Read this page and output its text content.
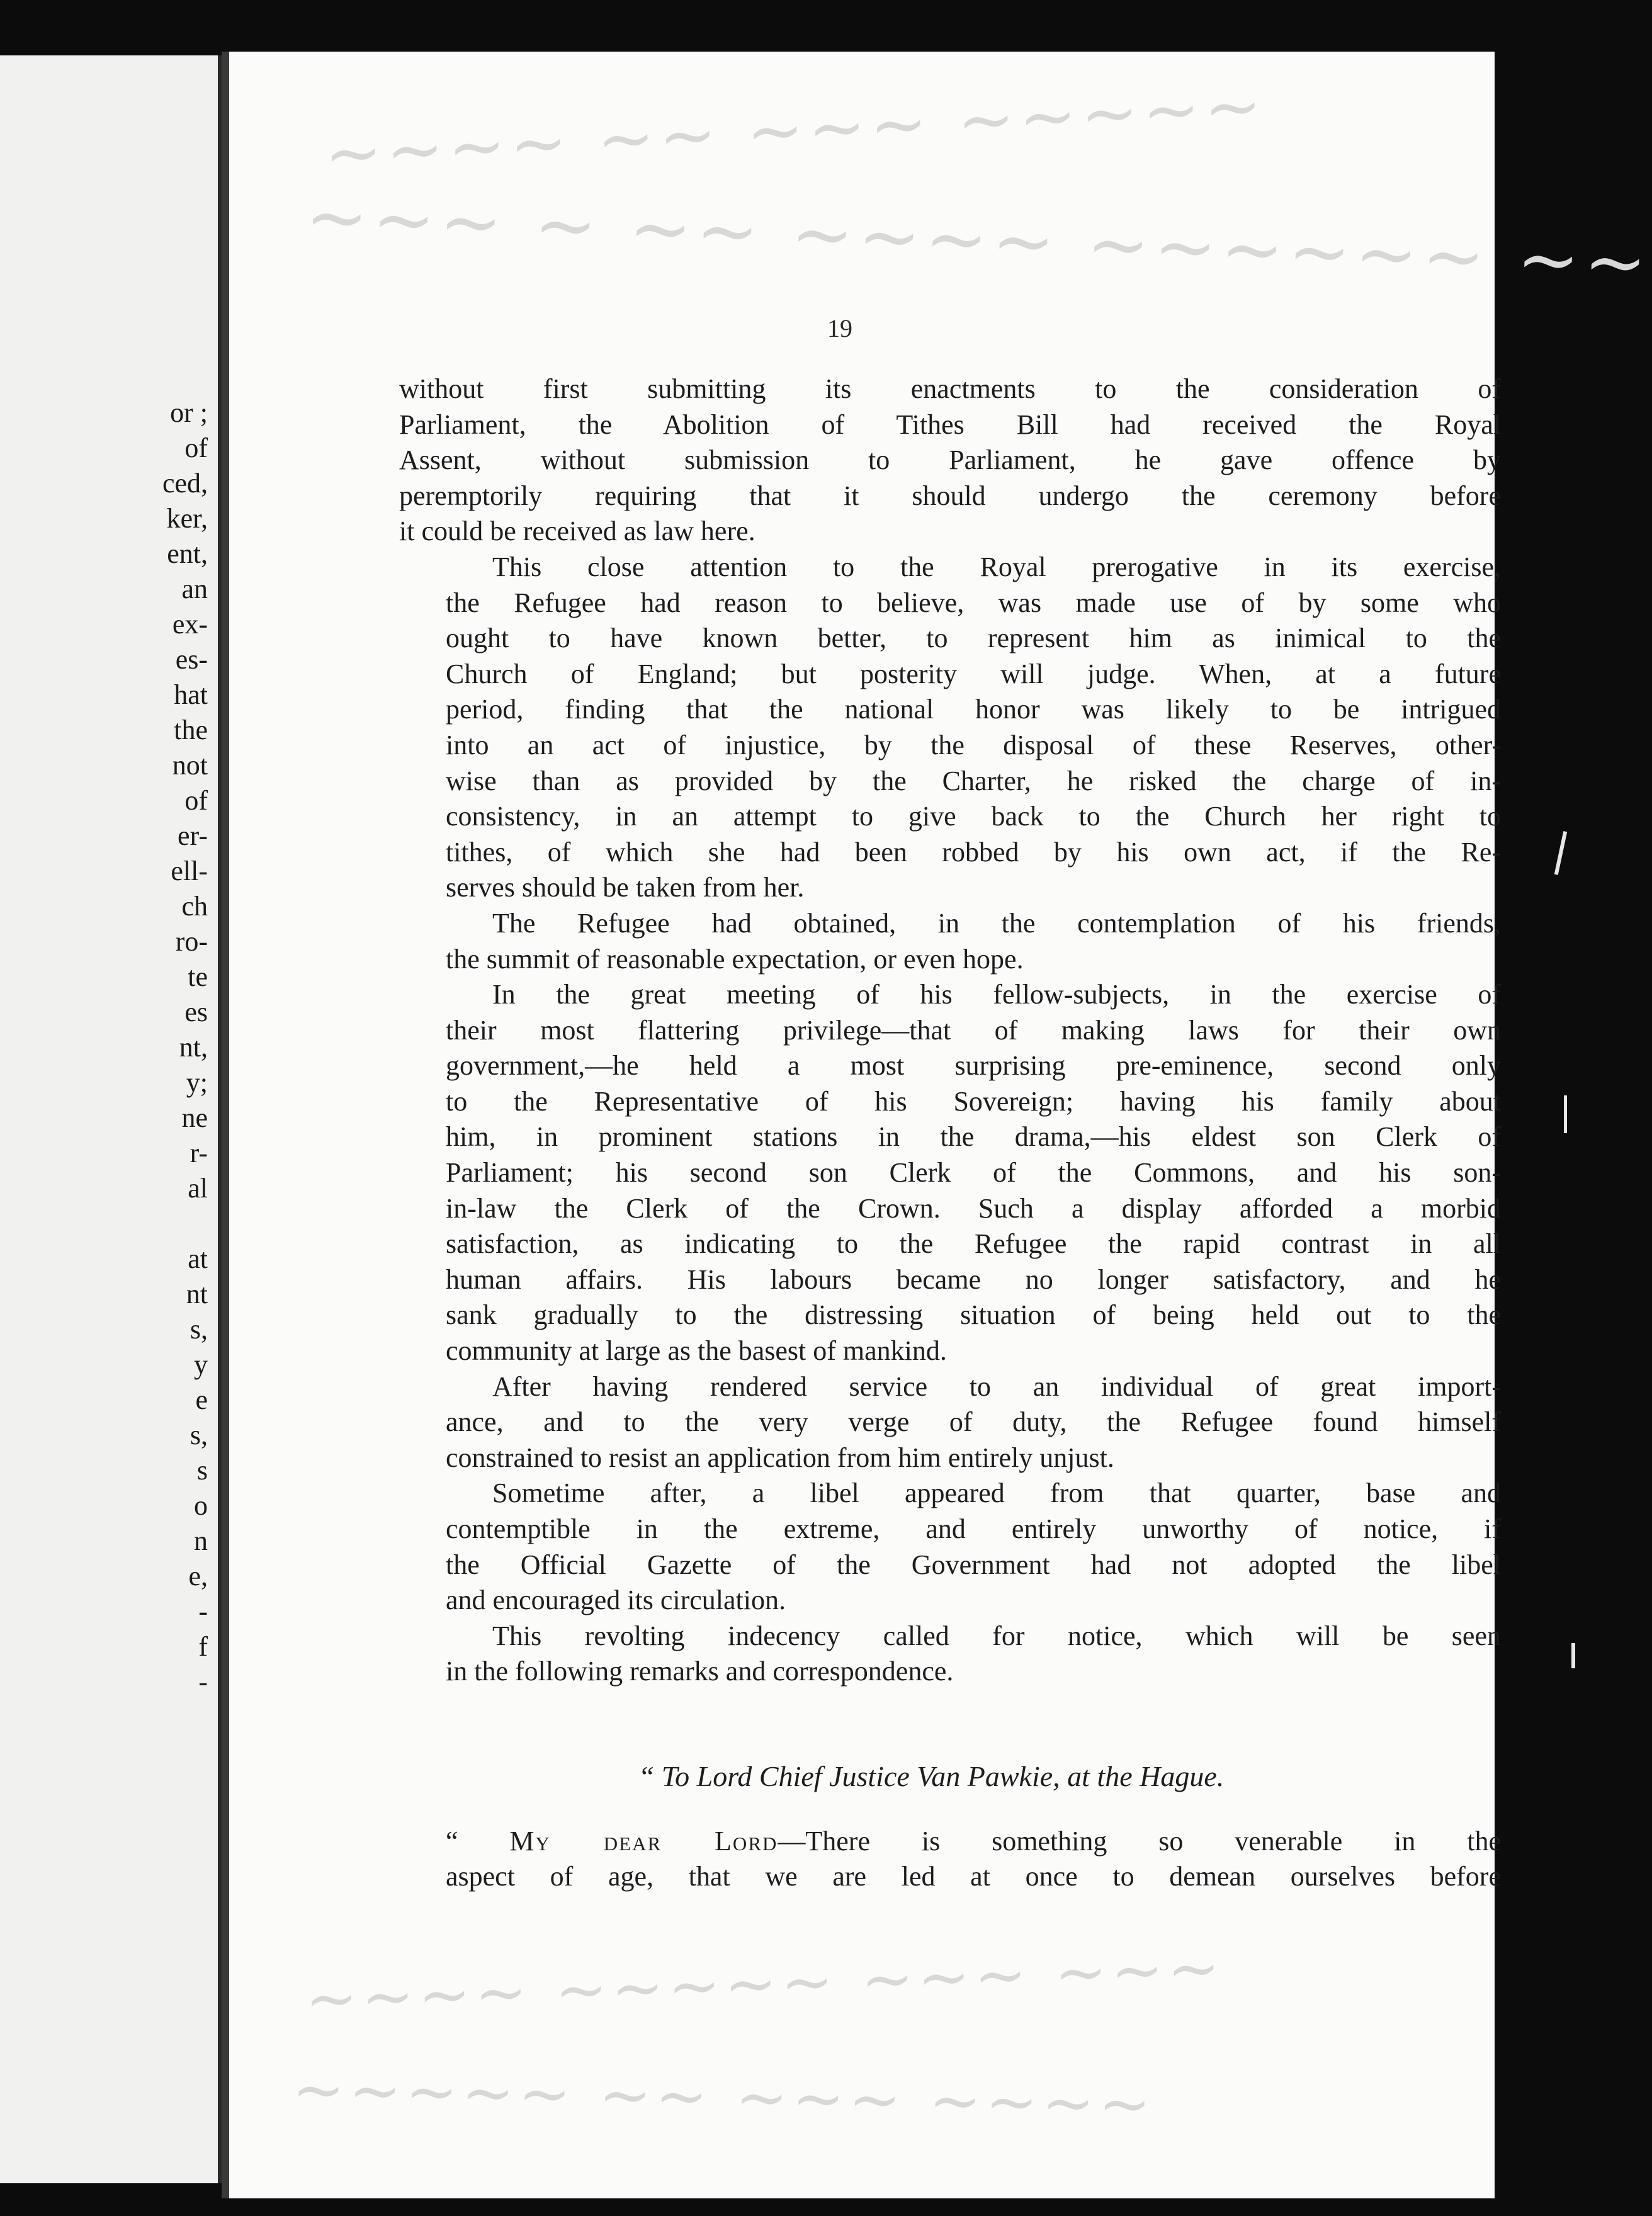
or ;
of
ced,
ker,
ent,
an
ex-
es-
hat
the
not
of
er-
ell-
ch
ro-
te
es
nt,
y;
ne
r-
al

at
nt
s,
y
e
s,
s
o
n
e,
-
f
-
~~~~ ~~ ~~~ ~~~~~
~~~ ~ ~~ ~~~~ ~~~~~~ ~~
~~~~ ~~~~~ ~~~ ~~~
~~~~~ ~~ ~~~ ~~~~
19

without first submitting its enactments to the consideration of
Parliament, the Abolition of Tithes Bill had received the Royal
Assent, without submission to Parliament, he gave offence by
peremptorily requiring that it should undergo the ceremony before
it could be received as law here.

This close attention to the Royal prerogative in its exercise,
the Refugee had reason to believe, was made use of by some who
ought to have known better, to represent him as inimical to the
Church of England; but posterity will judge. When, at a future
period, finding that the national honor was likely to be intrigued
into an act of injustice, by the disposal of these Reserves, other-
wise than as provided by the Charter, he risked the charge of in-
consistency, in an attempt to give back to the Church her right to
tithes, of which she had been robbed by his own act, if the Re-
serves should be taken from her.

The Refugee had obtained, in the contemplation of his friends,
the summit of reasonable expectation, or even hope.

In the great meeting of his fellow-subjects, in the exercise of
their most flattering privilege—that of making laws for their own
government,—he held a most surprising pre-eminence, second only
to the Representative of his Sovereign; having his family about
him, in prominent stations in the drama,—his eldest son Clerk of
Parliament; his second son Clerk of the Commons, and his son-
in-law the Clerk of the Crown. Such a display afforded a morbid
satisfaction, as indicating to the Refugee the rapid contrast in all
human affairs. His labours became no longer satisfactory, and he
sank gradually to the distressing situation of being held out to the
community at large as the basest of mankind.

After having rendered service to an individual of great import-
ance, and to the very verge of duty, the Refugee found himself
constrained to resist an application from him entirely unjust.

Sometime after, a libel appeared from that quarter, base and
contemptible in the extreme, and entirely unworthy of notice, if
the Official Gazette of the Government had not adopted the libel
and encouraged its circulation.

This revolting indecency called for notice, which will be seen
in the following remarks and correspondence.

“ To Lord Chief Justice Van Pawkie, at the Hague.

“ My dear Lord—There is something so venerable in the
aspect of age, that we are led at once to demean ourselves before
